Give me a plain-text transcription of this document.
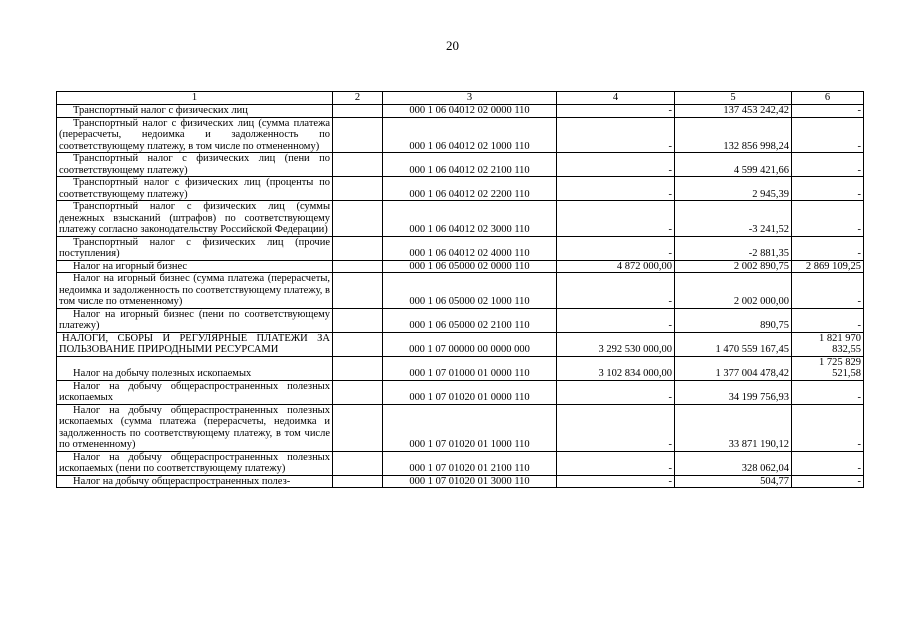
20
1	2	3	4	5	6

Транспортный налог с физических лиц		000 1 06 04012 02 0000 110	-	137 453 242,42	-

Транспортный налог с физических лиц (сумма платежа (перерасчеты, недоимка и задолженность по соответствующему платежу, в том числе по отмененному)		000 1 06 04012 02 1000 110	-	132 856 998,24	-

Транспортный налог с физических лиц (пени по соответствующему платежу)		000 1 06 04012 02 2100 110	-	4 599 421,66	-

Транспортный налог с физических лиц (проценты по соответствующему платежу)		000 1 06 04012 02 2200 110	-	2 945,39	-

Транспортный налог с физических лиц (суммы денежных взысканий (штрафов) по соответствующему платежу согласно законодательству Российской Федерации)		000 1 06 04012 02 3000 110	-	-3 241,52	-

Транспортный налог с физических лиц (прочие поступления)		000 1 06 04012 02 4000 110	-	-2 881,35	-

Налог на игорный бизнес		000 1 06 05000 02 0000 110	4 872 000,00	2 002 890,75	2 869 109,25

Налог на игорный бизнес (сумма платежа (перерасчеты, недоимка и задолженность по соответствующему платежу, в том числе по отмененному)		000 1 06 05000 02 1000 110	-	2 002 000,00	-

Налог на игорный бизнес (пени по соответствующему платежу)		000 1 06 05000 02 2100 110	-	890,75	-

НАЛОГИ, СБОРЫ И РЕГУЛЯРНЫЕ ПЛАТЕЖИ ЗА ПОЛЬЗОВАНИЕ ПРИРОДНЫМИ РЕСУРСАМИ		000 1 07 00000 00 0000 000	3 292 530 000,00	1 470 559 167,45	1 821 970 832,55

Налог на добычу полезных ископаемых		000 1 07 01000 01 0000 110	3 102 834 000,00	1 377 004 478,42	1 725 829 521,58

Налог на добычу общераспространенных полезных ископаемых		000 1 07 01020 01 0000 110	-	34 199 756,93	-

Налог на добычу общераспространенных полезных ископаемых (сумма платежа (перерасчеты, недоимка и задолженность по соответствующему платежу, в том числе по отмененному)		000 1 07 01020 01 1000 110	-	33 871 190,12	-

Налог на добычу общераспространенных полезных ископаемых (пени по соответствующему платежу)		000 1 07 01020 01 2100 110	-	328 062,04	-

Налог на добычу общераспространенных полез-		000 1 07 01020 01 3000 110	-	504,77	-
